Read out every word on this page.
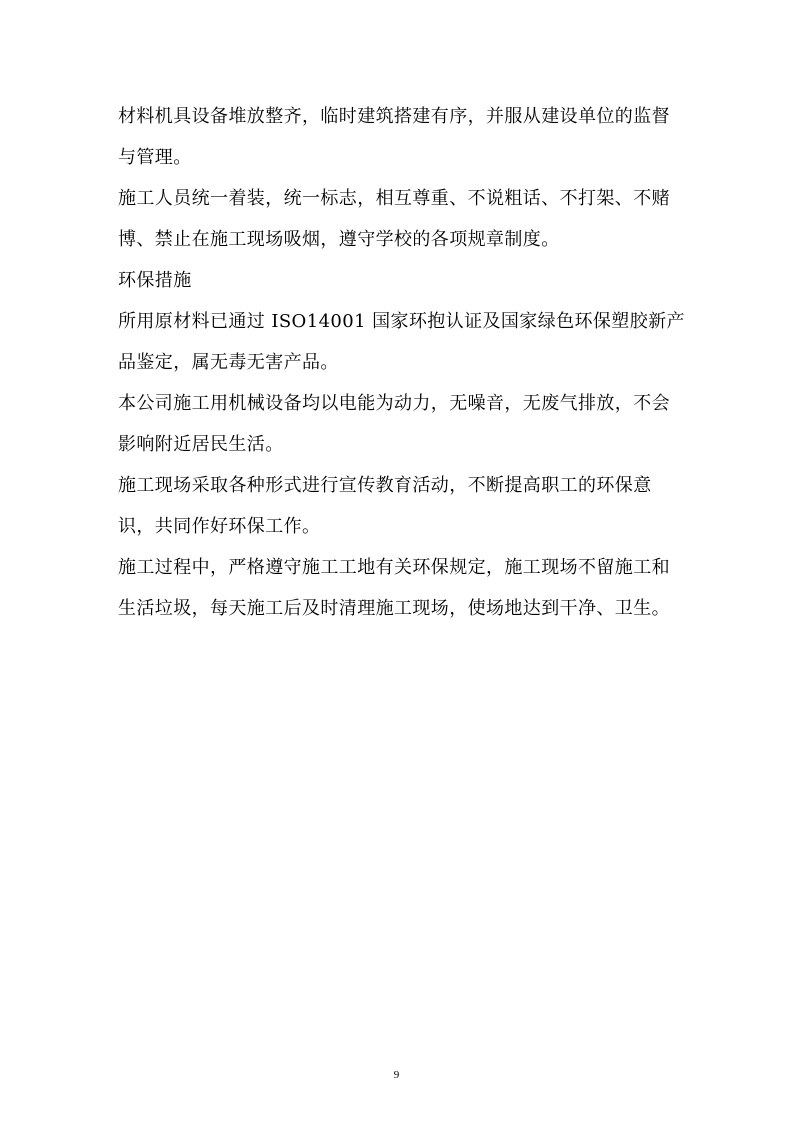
材料机具设备堆放整齐，临时建筑搭建有序，并服从建设单位的监督与管理。

施工人员统一着装，统一标志，相互尊重、不说粗话、不打架、不赌博、禁止在施工现场吸烟，遵守学校的各项规章制度。

环保措施

所用原材料已通过 ISO14001 国家环抱认证及国家绿色环保塑胶新产品鉴定，属无毒无害产品。

本公司施工用机械设备均以电能为动力，无噪音，无废气排放，不会影响附近居民生活。

施工现场采取各种形式进行宣传教育活动，不断提高职工的环保意识，共同作好环保工作。

施工过程中，严格遵守施工工地有关环保规定，施工现场不留施工和生活垃圾，每天施工后及时清理施工现场，使场地达到干净、卫生。

9
